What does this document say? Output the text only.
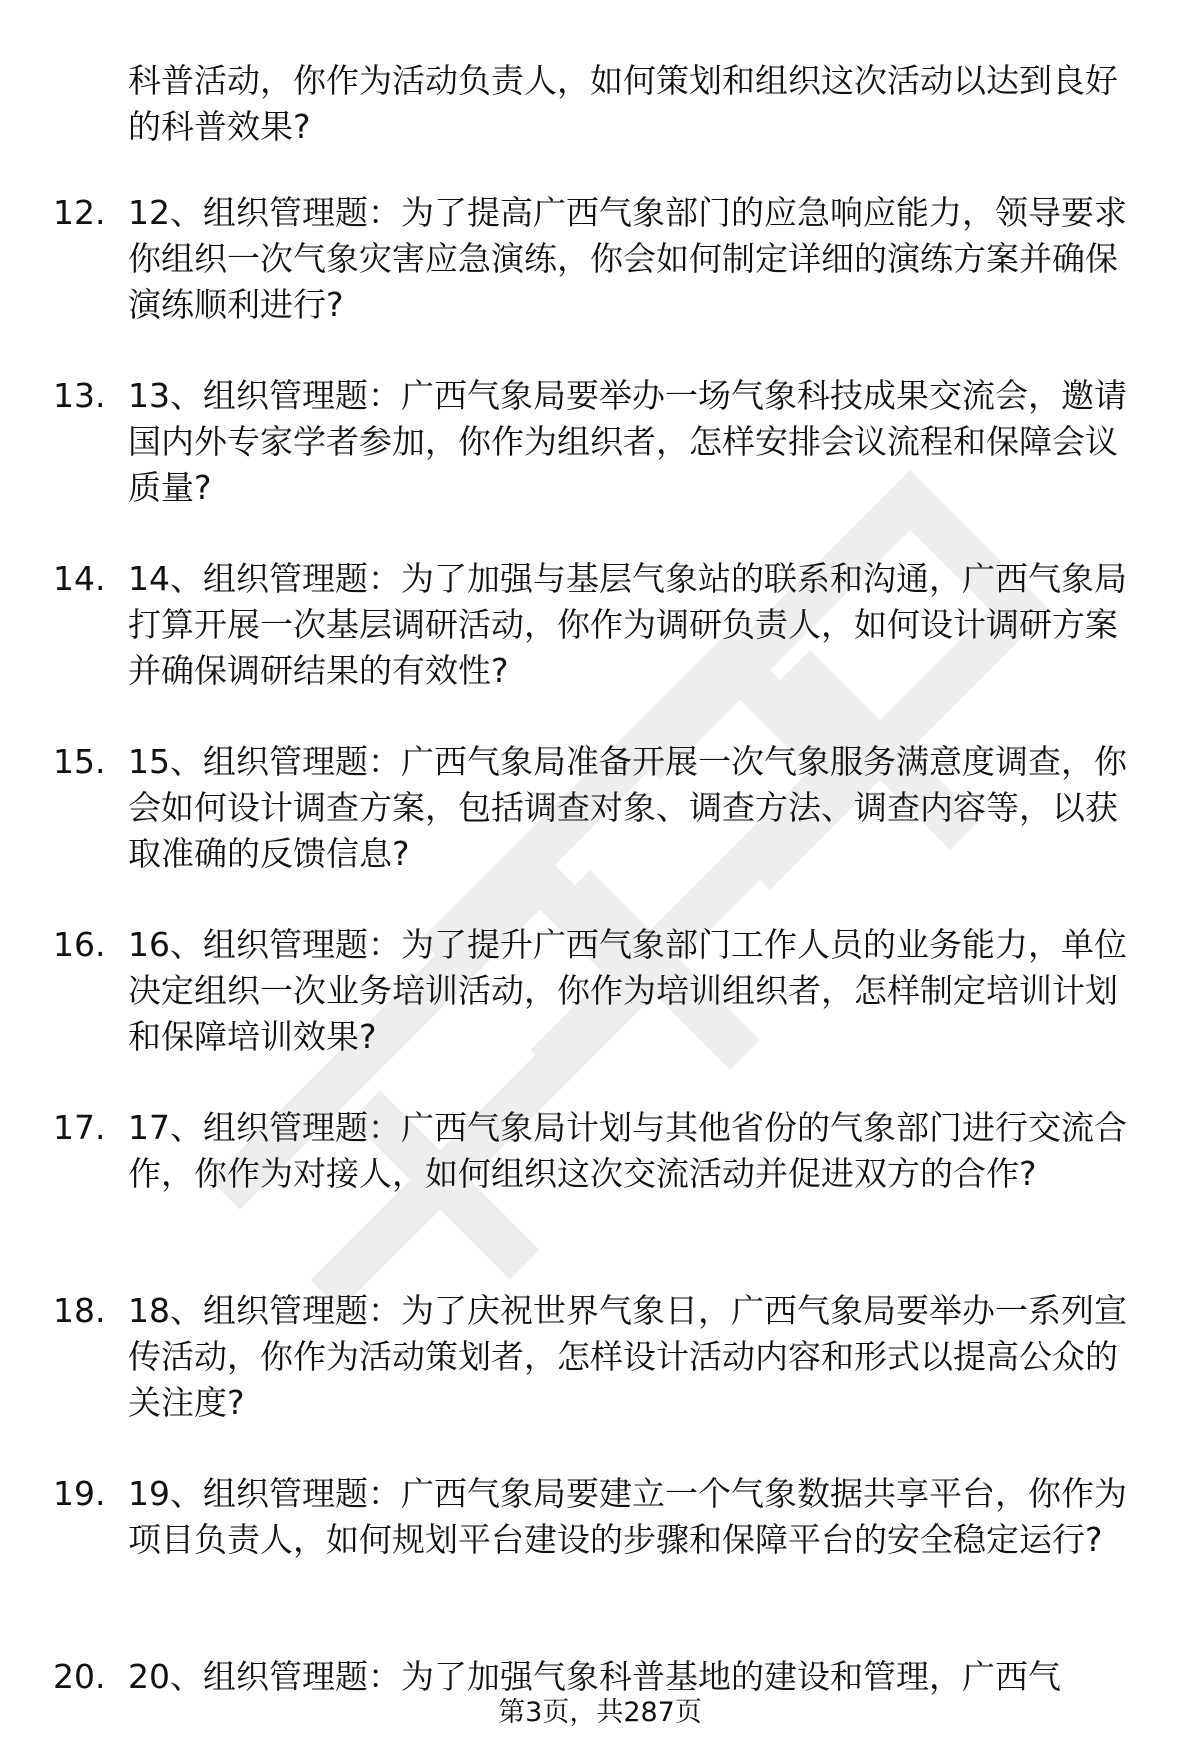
科普活动，你作为活动负责人，如何策划和组织这次活动以达到良好的科普效果?

12. 12、组织管理题：为了提高广西气象部门的应急响应能力，领导要求你组织一次气象灾害应急演练，你会如何制定详细的演练方案并确保演练顺利进行?
13. 13、组织管理题：广西气象局要举办一场气象科技成果交流会，邀请国内外专家学者参加，你作为组织者，怎样安排会议流程和保障会议质量?
14. 14、组织管理题：为了加强与基层气象站的联系和沟通，广西气象局打算开展一次基层调研活动，你作为调研负责人，如何设计调研方案并确保调研结果的有效性?
15. 15、组织管理题：广西气象局准备开展一次气象服务满意度调查，你会如何设计调查方案，包括调查对象、调查方法、调查内容等，以获取准确的反馈信息?
16. 16、组织管理题：为了提升广西气象部门工作人员的业务能力，单位决定组织一次业务培训活动，你作为培训组织者，怎样制定培训计划和保障培训效果?
17. 17、组织管理题：广西气象局计划与其他省份的气象部门进行交流合作，你作为对接人，如何组织这次交流活动并促进双方的合作?
18. 18、组织管理题：为了庆祝世界气象日，广西气象局要举办一系列宣传活动，你作为活动策划者，怎样设计活动内容和形式以提高公众的关注度?
19. 19、组织管理题：广西气象局要建立一个气象数据共享平台，你作为项目负责人，如何规划平台建设的步骤和保障平台的安全稳定运行?
20. 20、组织管理题：为了加强气象科普基地的建设和管理，广西气
第3页，共287页
